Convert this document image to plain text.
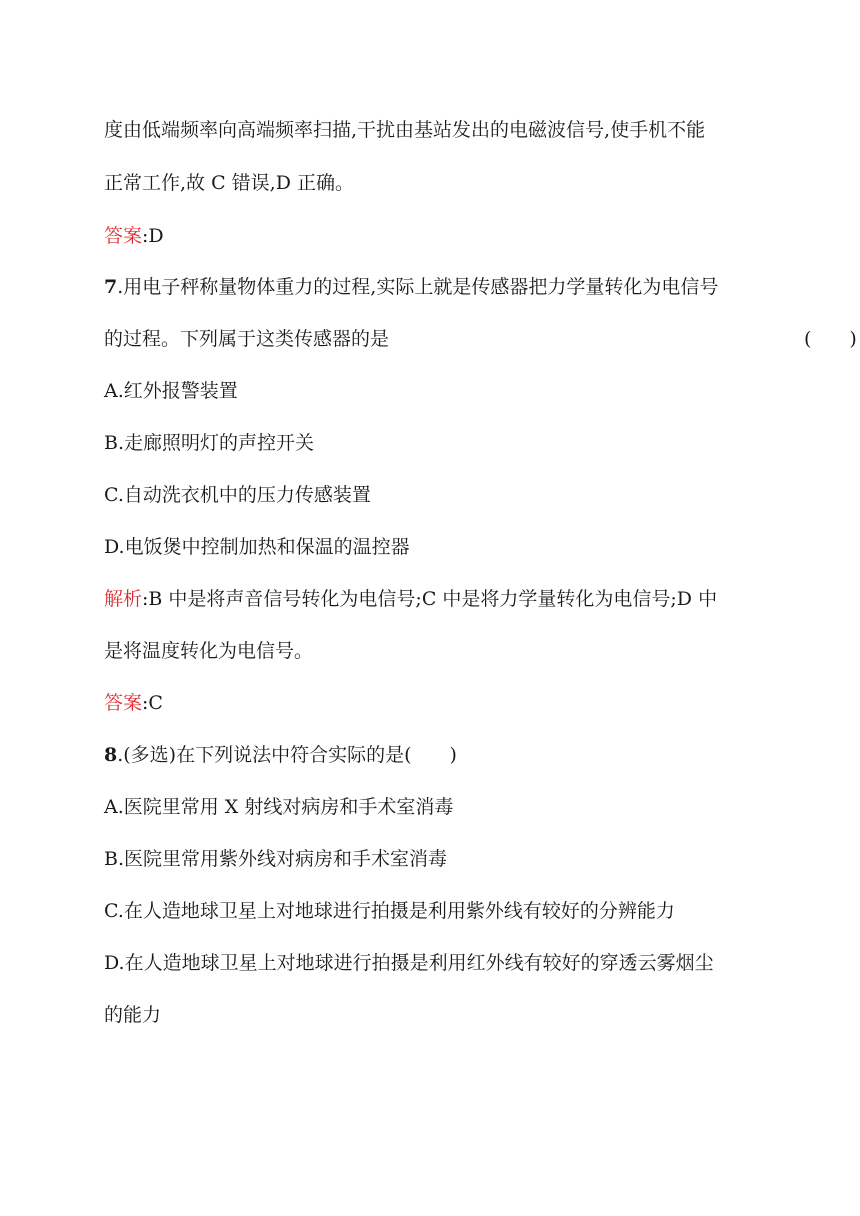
度由低端频率向高端频率扫描,干扰由基站发出的电磁波信号,使手机不能
正常工作,故 C 错误,D 正确。
答案:D
7.用电子秤称量物体重力的过程,实际上就是传感器把力学量转化为电信号
的过程。下列属于这类传感器的是	(　　)
A.红外报警装置
B.走廊照明灯的声控开关
C.自动洗衣机中的压力传感装置
D.电饭煲中控制加热和保温的温控器
解析:B 中是将声音信号转化为电信号;C 中是将力学量转化为电信号;D 中
是将温度转化为电信号。
答案:C
8.(多选)在下列说法中符合实际的是(　　)
A.医院里常用 X 射线对病房和手术室消毒
B.医院里常用紫外线对病房和手术室消毒
C.在人造地球卫星上对地球进行拍摄是利用紫外线有较好的分辨能力
D.在人造地球卫星上对地球进行拍摄是利用红外线有较好的穿透云雾烟尘
的能力
